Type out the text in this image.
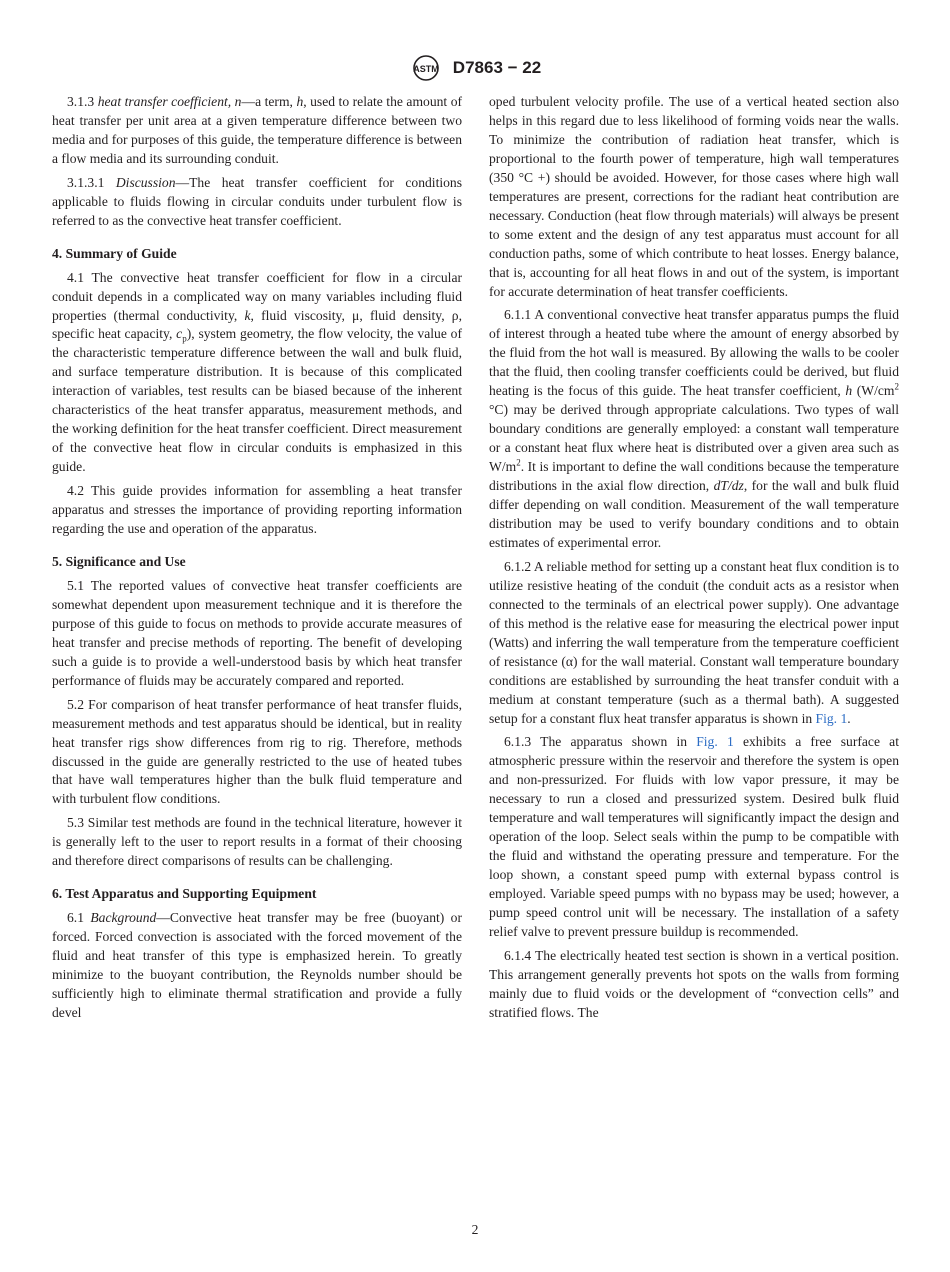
ASTM D7863 − 22

3.1.3 heat transfer coefficient, n—a term, h, used to relate the amount of heat transfer per unit area at a given temperature difference between two media and for purposes of this guide, the temperature difference is between a flow media and its surrounding conduit.

3.1.3.1 Discussion—The heat transfer coefficient for conditions applicable to fluids flowing in circular conduits under turbulent flow is referred to as the convective heat transfer coefficient.

4. Summary of Guide

4.1 The convective heat transfer coefficient for flow in a circular conduit depends in a complicated way on many variables including fluid properties (thermal conductivity, k, fluid viscosity, μ, fluid density, ρ, specific heat capacity, $c_p$), system geometry, the flow velocity, the value of the characteristic temperature difference between the wall and bulk fluid, and surface temperature distribution. It is because of this complicated interaction of variables, test results can be biased because of the inherent characteristics of the heat transfer apparatus, measurement methods, and the working definition for the heat transfer coefficient. Direct measurement of the convective heat flow in circular conduits is emphasized in this guide.

4.2 This guide provides information for assembling a heat transfer apparatus and stresses the importance of providing reporting information regarding the use and operation of the apparatus.

5. Significance and Use

5.1 The reported values of convective heat transfer coefficients are somewhat dependent upon measurement technique and it is therefore the purpose of this guide to focus on methods to provide accurate measures of heat transfer and precise methods of reporting. The benefit of developing such a guide is to provide a well-understood basis by which heat transfer performance of fluids may be accurately compared and reported.

5.2 For comparison of heat transfer performance of heat transfer fluids, measurement methods and test apparatus should be identical, but in reality heat transfer rigs show differences from rig to rig. Therefore, methods discussed in the guide are generally restricted to the use of heated tubes that have wall temperatures higher than the bulk fluid temperature and with turbulent flow conditions.

5.3 Similar test methods are found in the technical literature, however it is generally left to the user to report results in a format of their choosing and therefore direct comparisons of results can be challenging.

6. Test Apparatus and Supporting Equipment

6.1 Background—Convective heat transfer may be free (buoyant) or forced. Forced convection is associated with the forced movement of the fluid and heat transfer of this type is emphasized herein. To greatly minimize to the buoyant contribution, the Reynolds number should be sufficiently high to eliminate thermal stratification and provide a fully devel

oped turbulent velocity profile. The use of a vertical heated section also helps in this regard due to less likelihood of forming voids near the walls. To minimize the contribution of radiation heat transfer, which is proportional to the fourth power of temperature, high wall temperatures (350 °C +) should be avoided. However, for those cases where high wall temperatures are present, corrections for the radiant heat contribution are necessary. Conduction (heat flow through materials) will always be present to some extent and the design of any test apparatus must account for all conduction paths, some of which contribute to heat losses. Energy balance, that is, accounting for all heat flows in and out of the system, is important for accurate determination of heat transfer coefficients.

6.1.1 A conventional convective heat transfer apparatus pumps the fluid of interest through a heated tube where the amount of energy absorbed by the fluid from the hot wall is measured. By allowing the walls to be cooler that the fluid, then cooling transfer coefficients could be derived, but fluid heating is the focus of this guide. The heat transfer coefficient, h ($W/cm^2$ °C) may be derived through appropriate calculations. Two types of wall boundary conditions are generally employed: a constant wall temperature or a constant heat flux where heat is distributed over a given area such as $W/m^2$. It is important to define the wall conditions because the temperature distributions in the axial flow direction, dT/dz, for the wall and bulk fluid differ depending on wall condition. Measurement of the wall temperature distribution may be used to verify boundary conditions and to obtain estimates of experimental error.

6.1.2 A reliable method for setting up a constant heat flux condition is to utilize resistive heating of the conduit (the conduit acts as a resistor when connected to the terminals of an electrical power supply). One advantage of this method is the relative ease for measuring the electrical power input (Watts) and inferring the wall temperature from the temperature coefficient of resistance (α) for the wall material. Constant wall temperature boundary conditions are established by surrounding the heat transfer conduit with a medium at constant temperature (such as a thermal bath). A suggested setup for a constant flux heat transfer apparatus is shown in Fig. 1.

6.1.3 The apparatus shown in Fig. 1 exhibits a free surface at atmospheric pressure within the reservoir and therefore the system is open and non-pressurized. For fluids with low vapor pressure, it may be necessary to run a closed and pressurized system. Desired bulk fluid temperature and wall temperatures will significantly impact the design and operation of the loop. Select seals within the pump to be compatible with the fluid and withstand the operating pressure and temperature. For the loop shown, a constant speed pump with external bypass control is employed. Variable speed pumps with no bypass may be used; however, a pump speed control unit will be necessary. The installation of a safety relief valve to prevent pressure buildup is recommended.

6.1.4 The electrically heated test section is shown in a vertical position. This arrangement generally prevents hot spots on the walls from forming mainly due to fluid voids or the development of “convection cells” and stratified flows. The

2
